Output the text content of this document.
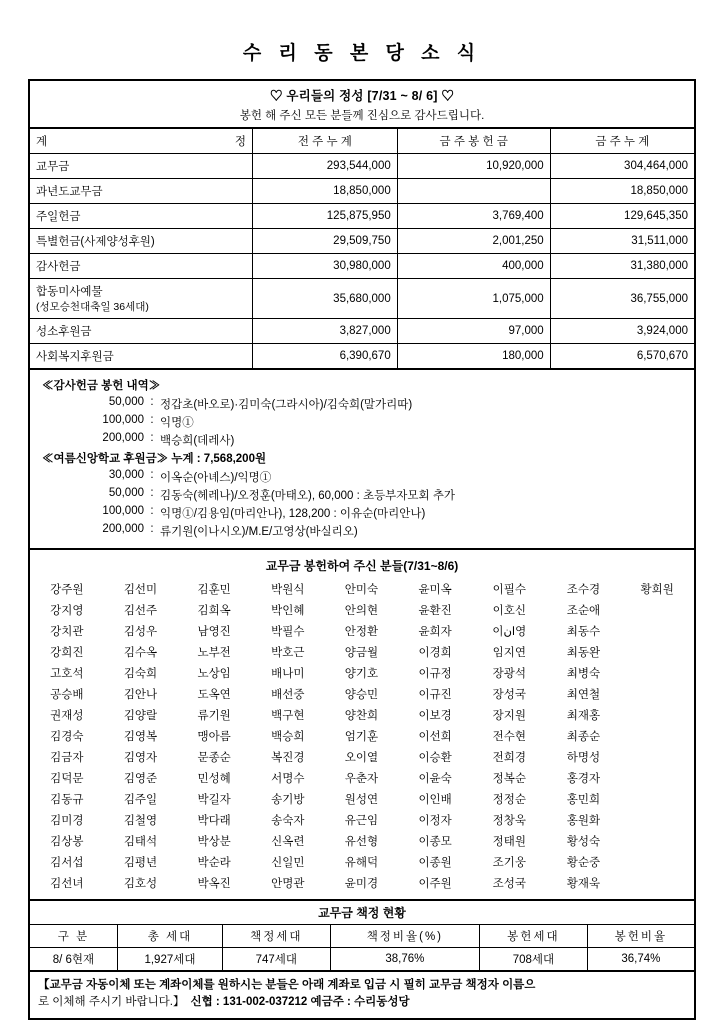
수 리 동 본 당 소 식
♡ 우리들의 정성 [7/31 ~ 8/ 6] ♡
봉헌 해 주신 모든 분들께 진심으로 감사드립니다.
계 정	전 주 누 계	금 주 봉 헌 금	금 주 누 계
교무금	293,544,000	10,920,000	304,464,000
과년도교무금	18,850,000		18,850,000
주일헌금	125,875,950	3,769,400	129,645,350
특별헌금(사제양성후원)	29,509,750	2,001,250	31,511,000
감사헌금	30,980,000	400,000	31,380,000
합동미사예물
(성모승천대축일 36세대)	35,680,000	1,075,000	36,755,000
성소후원금	3,827,000	97,000	3,924,000
사회복지후원금	6,390,670	180,000	6,570,670
≪감사헌금 봉헌 내역≫
50,000 : 정갑초(바오로)·김미숙(그라시아)/김숙희(말가리따)
100,000 : 익명①
200,000 : 백승희(데레사)
≪여름신앙학교 후원금≫ 누계 : 7,568,200원
30,000 : 이옥순(아녜스)/익명①
50,000 : 김동숙(헤레나)/오정훈(마태오), 60,000 : 초등부자모회 추가
100,000 : 익명①/김용임(마리안나), 128,200 : 이유순(마리안나)
200,000 : 류기원(이나시오)/M.E/고영상(바실리오)
교무금 봉헌하여 주신 분들(7/31~8/6)
강주원	김선미	김훈민	박원식	안미숙	윤미옥	이필수	조수경	황희원
강지영	김선주	김희옥	박인혜	안의현	윤환진	이호신	조순애	
강치관	김성우	남영진	박필수	안정환	윤희자	이ان영	최동수	
강희진	김수옥	노부전	박호근	양금월	이경희	임지연	최동완	
고호석	김숙희	노상임	배나미	양기호	이규정	장광석	최병숙	
공승배	김안나	도옥연	배선중	양승민	이규진	장성국	최연철	
권재성	김양랄	류기원	백구현	양찬희	이보경	장지원	최재홍	
김경숙	김영복	맹아름	백승희	엄기훈	이선희	전수현	최종순	
김금자	김영자	문종순	복진경	오이열	이승환	전희경	하명성	
김덕문	김영준	민성혜	서명수	우춘자	이윤숙	정복순	홍경자	
김동규	김주일	박길자	송기방	원성연	이인배	정정순	홍민희	
김미경	김철영	박다래	송숙자	유근임	이정자	정창욱	홍원화	
김상봉	김태석	박상분	신옥련	유선형	이종모	정태원	황성숙	
김서섭	김평년	박순라	신일민	유해덕	이종원	조기웅	황순중	
김선녀	김호성	박옥진	안명관	윤미경	이주원	조성국	황재욱	
교무금 책정 현황
구 분	총 세대	책정세대	책정비율(%)	봉헌세대	봉헌비율
8/ 6현재	1,927세대	747세대	38,76%	708세대	36,74%
【교무금 자동이체 또는 계좌이체를 원하시는 분들은 아래 계좌로 입금 시 필히 교무금 책정자 이름으
로 이체해 주시기 바랍니다.】 신협 : 131-002-037212 예금주 : 수리동성당
